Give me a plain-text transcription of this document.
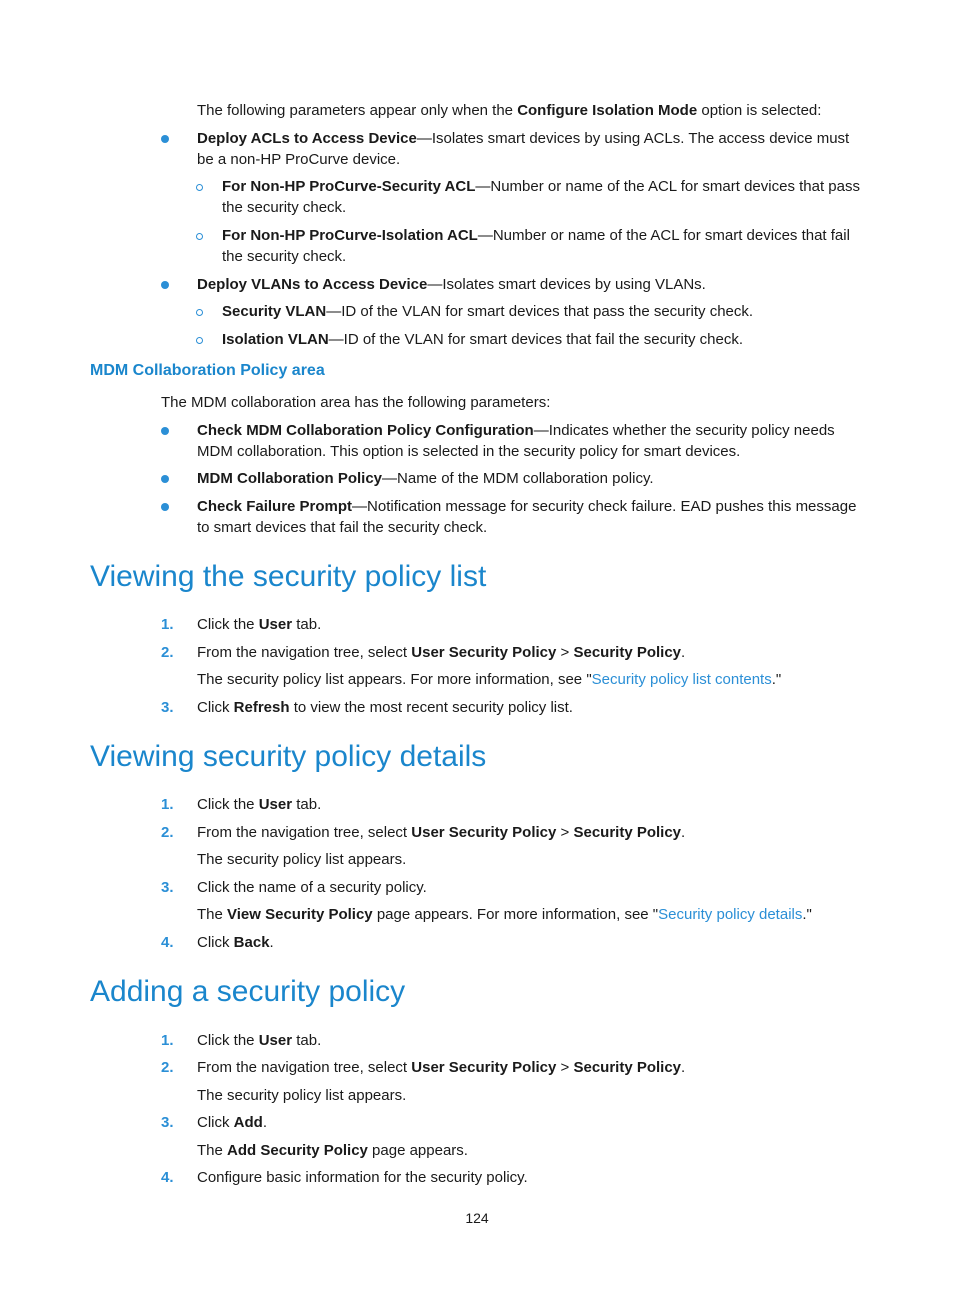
The following parameters appear only when the Configure Isolation Mode option is selected:
Deploy ACLs to Access Device—Isolates smart devices by using ACLs. The access device must be a non-HP ProCurve device.
For Non-HP ProCurve-Security ACL—Number or name of the ACL for smart devices that pass the security check.
For Non-HP ProCurve-Isolation ACL—Number or name of the ACL for smart devices that fail the security check.
Deploy VLANs to Access Device—Isolates smart devices by using VLANs.
Security VLAN—ID of the VLAN for smart devices that pass the security check.
Isolation VLAN—ID of the VLAN for smart devices that fail the security check.
MDM Collaboration Policy area
The MDM collaboration area has the following parameters:
Check MDM Collaboration Policy Configuration—Indicates whether the security policy needs MDM collaboration. This option is selected in the security policy for smart devices.
MDM Collaboration Policy—Name of the MDM collaboration policy.
Check Failure Prompt—Notification message for security check failure. EAD pushes this message to smart devices that fail the security check.
Viewing the security policy list
1. Click the User tab.
2. From the navigation tree, select User Security Policy > Security Policy.
The security policy list appears. For more information, see "Security policy list contents."
3. Click Refresh to view the most recent security policy list.
Viewing security policy details
1. Click the User tab.
2. From the navigation tree, select User Security Policy > Security Policy.
The security policy list appears.
3. Click the name of a security policy.
The View Security Policy page appears. For more information, see "Security policy details."
4. Click Back.
Adding a security policy
1. Click the User tab.
2. From the navigation tree, select User Security Policy > Security Policy.
The security policy list appears.
3. Click Add.
The Add Security Policy page appears.
4. Configure basic information for the security policy.
124
